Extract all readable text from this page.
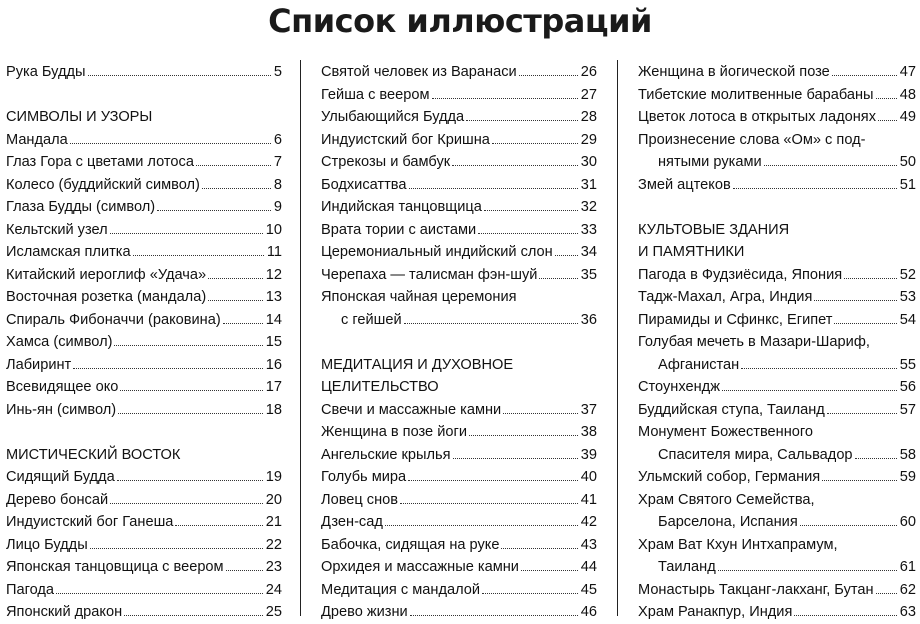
Список иллюстраций
Рука Будды	5
СИМВОЛЫ И УЗОРЫ
Мандала	6
Глаз Гора с цветами лотоса	7
Колесо (буддийский символ)	8
Глаза Будды (символ)	9
Кельтский узел	10
Исламская плитка	11
Китайский иероглиф «Удача»	12
Восточная розетка (мандала)	13
Спираль Фибоначчи (раковина)	14
Хамса (символ)	15
Лабиринт	16
Всевидящее око	17
Инь-ян (символ)	18
МИСТИЧЕСКИЙ ВОСТОК
Сидящий Будда	19
Дерево бонсай	20
Индуистский бог Ганеша	21
Лицо Будды	22
Японская танцовщица с веером	23
Пагода	24
Японский дракон	25
Святой человек из Варанаси	26
Гейша с веером	27
Улыбающийся Будда	28
Индуистский бог Кришна	29
Стрекозы и бамбук	30
Бодхисаттва	31
Индийская танцовщица	32
Врата тории с аистами	33
Церемониальный индийский слон 34
Черепаха — талисман фэн-шуй	35
Японская чайная церемония
с гейшей	36
МЕДИТАЦИЯ И ДУХОВНОЕ
ЦЕЛИТЕЛЬСТВО
Свечи и массажные камни	37
Женщина в позе йоги	38
Ангельские крылья	39
Голубь мира	40
Ловец снов	41
Дзен-сад	42
Бабочка, сидящая на руке	43
Орхидея и массажные камни	44
Медитация с мандалой	45
Древо жизни	46
Женщина в йогической позе	47
Тибетские молитвенные барабаны 48
Цветок лотоса в открытых ладонях 49
Произнесение слова «Ом» с под-
нятыми руками	50
Змей ацтеков	51
КУЛЬТОВЫЕ ЗДАНИЯ
И ПАМЯТНИКИ
Пагода в Фудзиёсида, Япония	52
Тадж-Махал, Агра, Индия	53
Пирамиды и Сфинкс, Египет	54
Голубая мечеть в Мазари-Шариф,
Афганистан	55
Стоунхендж	56
Буддийская ступа, Таиланд	57
Монумент Божественного
Спасителя мира, Сальвадор	58
Ульмский собор, Германия	59
Храм Святого Семейства,
Барселона, Испания	60
Храм Ват Кхун Интхапрамум,
Таиланд	61
Монастырь Такцанг-лакханг, Бутан 62
Храм Ранакпур, Индия	63
